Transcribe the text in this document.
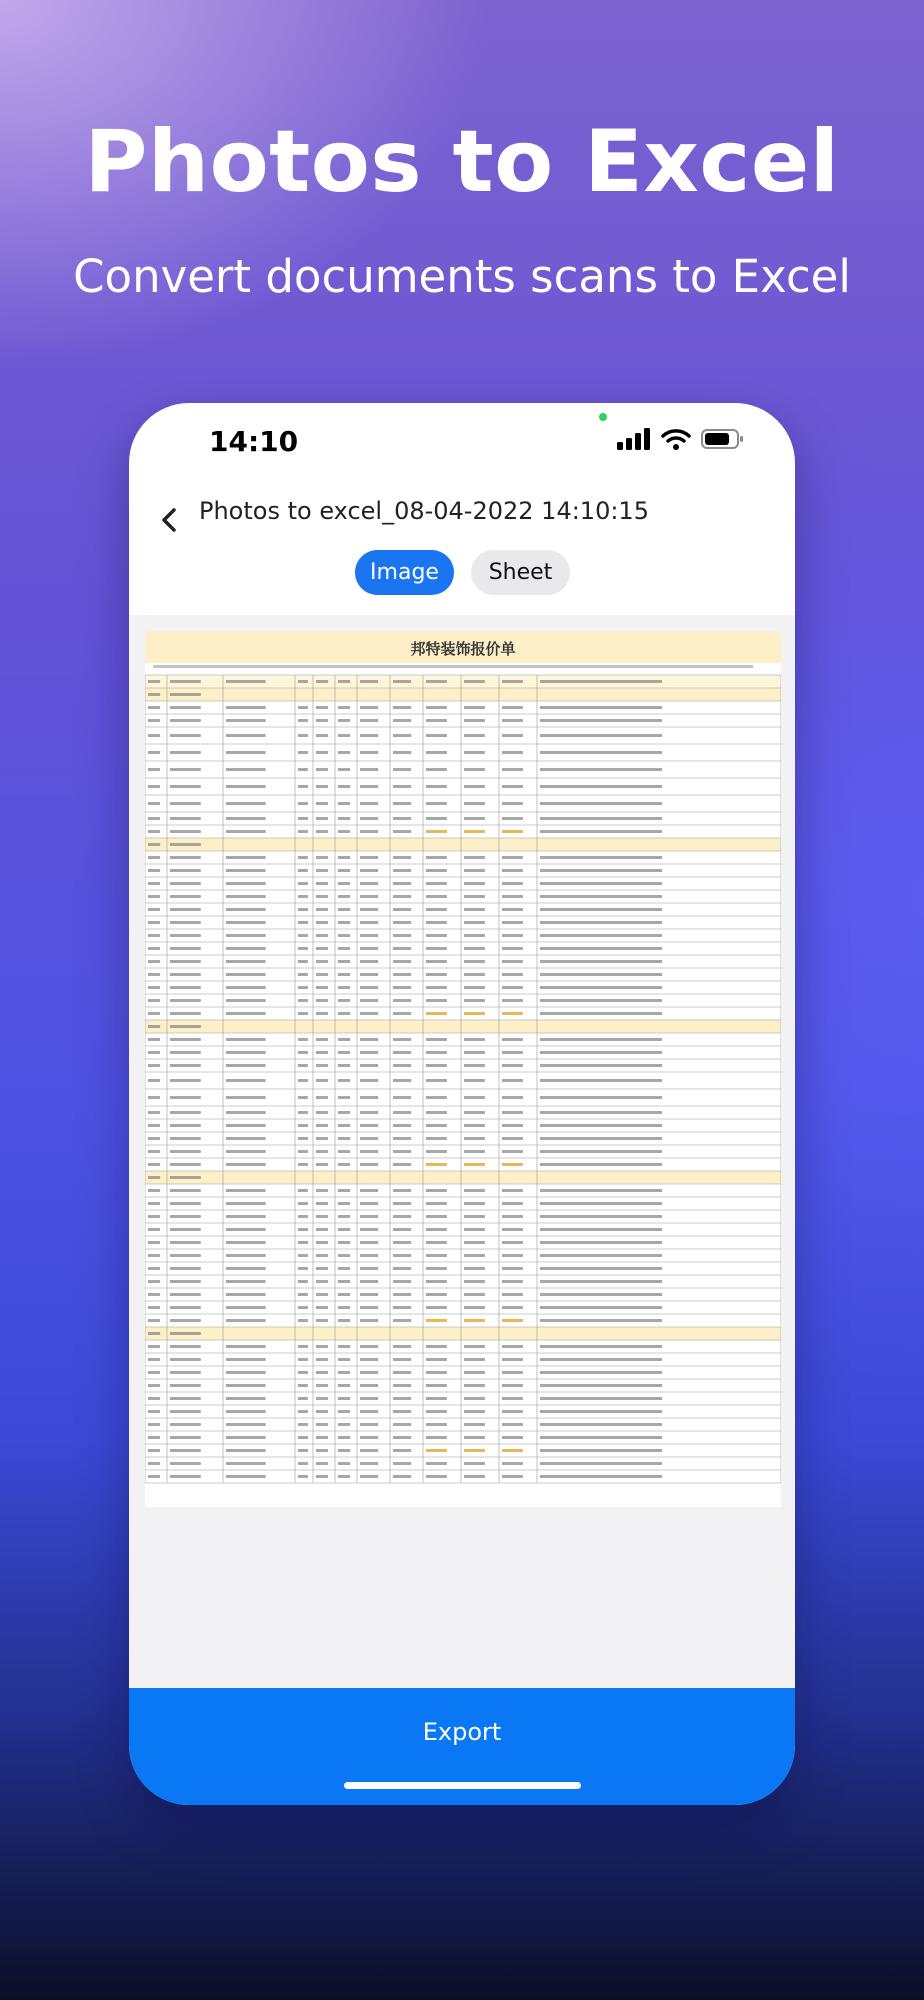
Photos to Excel
Convert documents scans to Excel
14:10
Photos to excel_08-04-2022 14:10:15
Image	Sheet
邦特装饰报价单
Export
